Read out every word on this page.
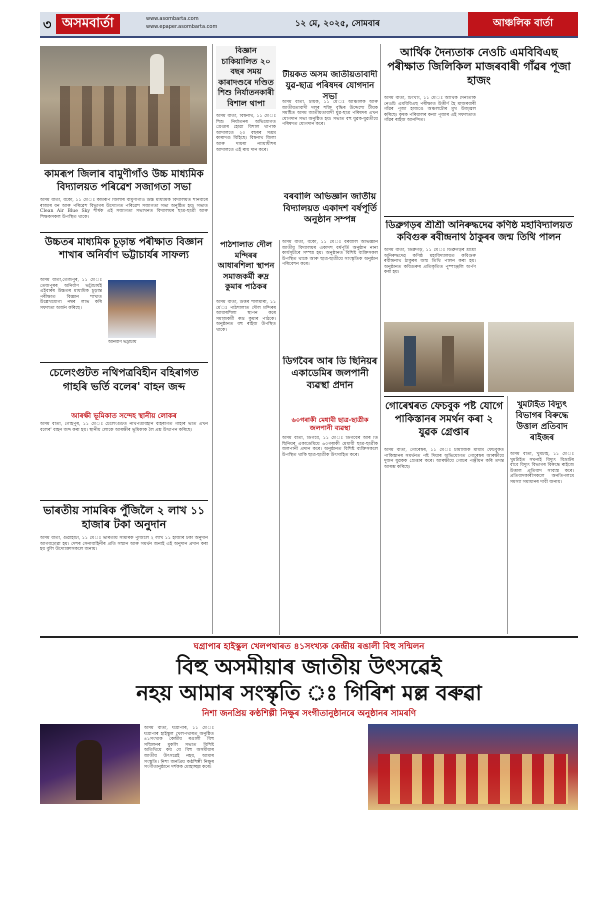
৩ অসমবাৰ্তা	www.asombarta.com
www.epaper.asombarta.com	১২ মে, ২০২৫, সোমবাৰ	আঞ্চলিক বাৰ্তা
কামৰূপ জিলাৰ বামুণীগাঁও উচ্চ মাধ্যমিক বিদ্যালয়ত পৰিৱেশ সজাগতা সভা
অসম বাৰ্তা, বকো, ১১ মে'ঃ কামৰূপ জিলাৰ বামুণীগাঁও উচ্চ মাধ্যমিক বিদ্যালয়ত শনিবাৰে ৰাজ্যৰ বন আৰু পৰিৱেশ বিভাগৰ উদ্যোগত পৰিৱেশ সজাগতা সভা অনুষ্ঠিত হয়। সভাত Clean Air Blue Sky শীৰ্ষক এই সজাগতা সভাখনত বিদ্যালয়ৰ ছাত্ৰ-ছাত্ৰী আৰু শিক্ষকসকল উপস্থিত থাকে।
উচ্চতৰ মাধ্যমিক চূড়ান্ত পৰীক্ষাত বিজ্ঞান শাখাৰ অনিৰ্বাণ ভট্টাচাৰ্যৰ সাফল্য
অসম বাৰ্তা,তেজপুৰ, ১১ মে'ঃ তেজপুৰৰ অনিৰ্বাণ ভট্টাচাৰ্যই এইবাৰৰ উচ্চতৰ মাধ্যমিক চূড়ান্ত পৰীক্ষাত বিজ্ঞান শাখাত উল্লেখযোগ্য নম্বৰ লাভ কৰি সফলতা অৰ্জন কৰিছে।
অনিৰ্বাণ ভট্টাচাৰ্য
চেলেংগুটত নথিপত্ৰবিহীন বহিৰাগত গাহৰি ভৰ্তি বলেৰ' বাহন জব্দ
আৰক্ষী ভূমিকাত সন্দেহ স্থানীয় লোকৰ
অসম বাৰ্তা, গোহপুৰ, ১১ মে'ঃ চেলেংগুটত নথিপত্ৰবিহীন বহিৰাগত গাহৰি ভৰ্তি এখন বলেৰ' বাহন জব্দ কৰা হয়। স্থানীয় লোকে আৰক্ষীৰ ভূমিকাক লৈ প্ৰশ্ন উত্থাপন কৰিছে।
ভাৰতীয় সামৰিক পুঁজিলৈ ২ লাখ ১১ হাজাৰ টকা অনুদান
অসম বাৰ্তা, গুৱাহাটী, ১১ মে'ঃ ভাৰতীয় সামৰিক পুঁজিলৈ ২ লাখ ১১ হাজাৰ টকা অনুদান আগবঢ়োৱা হয়। দেশৰ সেনাবাহিনীৰ প্ৰতি সন্মান আৰু সমৰ্থন জনাই এই অনুদান প্ৰদান কৰা হয় বুলি উদ্যোক্তাসকলে জনায়।
বিজ্ঞান চাকিয়ালিত ২০ বছৰ সময় কাৰাদণ্ডৰে দণ্ডিত শিশু নিৰ্যাতনকাৰী বিশাল থাপা
অসম বাৰ্তা, বিশ্বনাথ, ১১ মে'ঃ শিশু নিৰ্যাতনৰ অভিযোগত গ্ৰেপ্তাৰ হোৱা বিশাল থাপাক আদালতে ২০ বছৰৰ সশ্ৰম কাৰাদণ্ড বিহিছে। বিশ্বনাথ জিলা আৰু দায়ৰা ন্যায়াধীশৰ আদালতে এই ৰায় দান কৰে।
পাঠশালাত দৌল মন্দিৰৰ আধাৰশিলা স্থাপন সমাজকৰ্মী ৰুদ্ৰ কুমাৰ পাঠকৰ
অসম বাৰ্তা, উত্তৰ শালমাৰা, ১১ মে'ঃ পাঠশালাত দৌল মন্দিৰৰ আধাৰশিলা স্থাপন কৰে সমাজকৰ্মী ৰুদ্ৰ কুমাৰ পাঠকে। অনুষ্ঠানত বহু ৰাইজ উপস্থিত থাকে।
টীয়কত অসম জাতীয়তাবাদী যুৱ-ছাত্ৰ পৰিষদৰ যোগদান সভা
অসম বাৰ্তা, টীয়ক, ১১ মে'ঃ আঞ্চলিক আৰু জাতীয়তাবাদী দলৰ শক্তি বৃদ্ধিৰ উদ্দেশ্যে টীয়ক সমষ্টিত অসম জাতীয়তাবাদী যুৱ-ছাত্ৰ পৰিষদৰ এখন যোগদান সভা অনুষ্ঠিত হয়। সভাত বহু যুৱক-যুৱতীয়ে পৰিষদত যোগদান কৰে।
বৰবালি অভিজ্ঞান জাতীয় বিদ্যালয়ত একাদশ বৰ্ষপূৰ্তি অনুষ্ঠান সম্পন্ন
অসম বাৰ্তা, বকো, ১১ মে'ঃ বৰবালি অভিজ্ঞান জাতীয় বিদ্যালয়ৰ একাদশ বৰ্ষপূৰ্তি অনুষ্ঠান নানা কাৰ্যসূচীৰে সম্পন্ন হয়। অনুষ্ঠানত বিশিষ্ট ব্যক্তিসকল উপস্থিত থাকে আৰু ছাত্ৰ-ছাত্ৰীয়ে সাংস্কৃতিক অনুষ্ঠান পৰিবেশন কৰে।
ডিগবৈৰ আৰ ডি ছিনিয়ৰ একাডেমিৰ জলপানী ব্যৱস্থা প্ৰদান
৬০গৰাকী মেধাবী ছাত্ৰ-ছাত্ৰীক জলপানী ব্যৱস্থা
অসম বাৰ্তা, ডিগবৈ, ১১ মে'ঃ ডিগবৈৰ আৰ ডি ছিনিয়ৰ একাডেমিয়ে ৬০গৰাকী মেধাবী ছাত্ৰ-ছাত্ৰীক জলপানী প্ৰদান কৰে। অনুষ্ঠানত বিশিষ্ট ব্যক্তিসকলে উপস্থিত থাকি ছাত্ৰ-ছাত্ৰীক উৎসাহিত কৰে।
আৰ্থিক দৈন্যতাক নেওচি এমবিবিএছ পৰীক্ষাত জিলিকিল মাজৰবাৰী গাঁৱৰ পূজা হাজং
অসম বাৰ্তা, টিংখাং, ১১ মে'ঃ আৰ্থিক দৈন্যতাক নেওচি এমবিবিএছ পৰীক্ষাত উত্তীৰ্ণ হৈ মাজৰবাৰী গাঁৱৰ পূজা হাজঙে অঞ্চলটোৰ মুখ উজ্জ্বল কৰিছে। কৃষক পৰিয়ালৰ কন্যা পূজাৰ এই সফলতাত গাঁৱৰ ৰাইজ আনন্দিত।
ডিব্ৰুগড়ৰ শ্ৰীশ্ৰী অনিৰুদ্ধদেৱ কণিষ্ঠ মহাবিদ্যালয়ত কবিগুৰু ৰবীন্দ্ৰনাথ ঠাকুৰৰ জন্ম তিথি পালন
অসম বাৰ্তা, ডিব্ৰুগড়, ১১ মে'ঃ ডিব্ৰুগড়ৰ শ্ৰীশ্ৰী অনিৰুদ্ধদেৱ কণিষ্ঠ মহাবিদ্যালয়ত কবিগুৰু ৰবীন্দ্ৰনাথ ঠাকুৰৰ জন্ম তিথি পালন কৰা হয়। অনুষ্ঠানত কবিগুৰুৰ প্ৰতিকৃতিত পুষ্পাঞ্জলি অৰ্পণ কৰা হয়।
গোৰেশ্বৰত ফেচবুক পষ্ট যোগে পাকিস্তানৰ সমৰ্থন কৰা ২ যুৱক গ্ৰেপ্তাৰ
অসম বাৰ্তা, গোৰেশ্বৰ, ১১ মে'ঃ চামাজিক মাধ্যম ফেচবুকত পাকিস্তানৰ সমৰ্থনত পষ্ট দিয়াৰ অভিযোগত গোৰেশ্বৰ আৰক্ষীয়ে দুজন যুৱকক গ্ৰেপ্তাৰ কৰে। আৰক্ষীয়ে গোচৰ পঞ্জীয়ন কৰি তদন্ত আৰম্ভ কৰিছে।
খুমটাইত বিদ্যুৎ বিভাগৰ বিৰুদ্ধে উত্তাল প্ৰতিবাদ ৰাইজৰ
অসম বাৰ্তা, খুমটাই, ১১ মে'ঃ খুমটাইত সঘনাই বিদ্যুৎ বিভ্ৰাটৰ বাবে বিদ্যুৎ বিভাগৰ বিৰুদ্ধে ৰাইজে উত্তাল প্ৰতিবাদ সাব্যস্ত কৰে। প্ৰতিবাদকাৰীসকলে অনতিপলমে সমস্যা সমাধানৰ দাবী জনায়।
ঘগ্ৰাপাৰ হাইস্কুল খেলপথাৰত ৪১সংখ্যক কেন্দ্ৰীয় ৰঙালী বিহু সন্মিলন
বিহু অসমীয়াৰ জাতীয় উৎসৱেই
নহয় আমাৰ সংস্কৃতি ঃ গিৰিশ মল্ল বৰুৱা
নিশা জনপ্ৰিয় কণ্ঠশিল্পী নিক্ষুৰ সংগীতানুষ্ঠানৰে অনুষ্ঠানৰ সামৰণি
অসম বাৰ্তা, ঘগ্ৰাপাৰ, ১১ মে'ঃ ঘগ্ৰাপাৰ হাইস্কুল খেলপথাৰত অনুষ্ঠিত ৪১সংখ্যক কেন্দ্ৰীয় ৰঙালী বিহু সন্মিলনৰ মুকলি সভাত বিশিষ্ট অতিথিয়ে কয় যে বিহু অসমীয়াৰ জাতীয় উৎসৱেই নহয়, আমাৰ সংস্কৃতি। নিশা জনপ্ৰিয় কণ্ঠশিল্পী নিক্ষুৰ সংগীতানুষ্ঠানে দৰ্শকক মোহাচ্ছন্ন কৰে।
